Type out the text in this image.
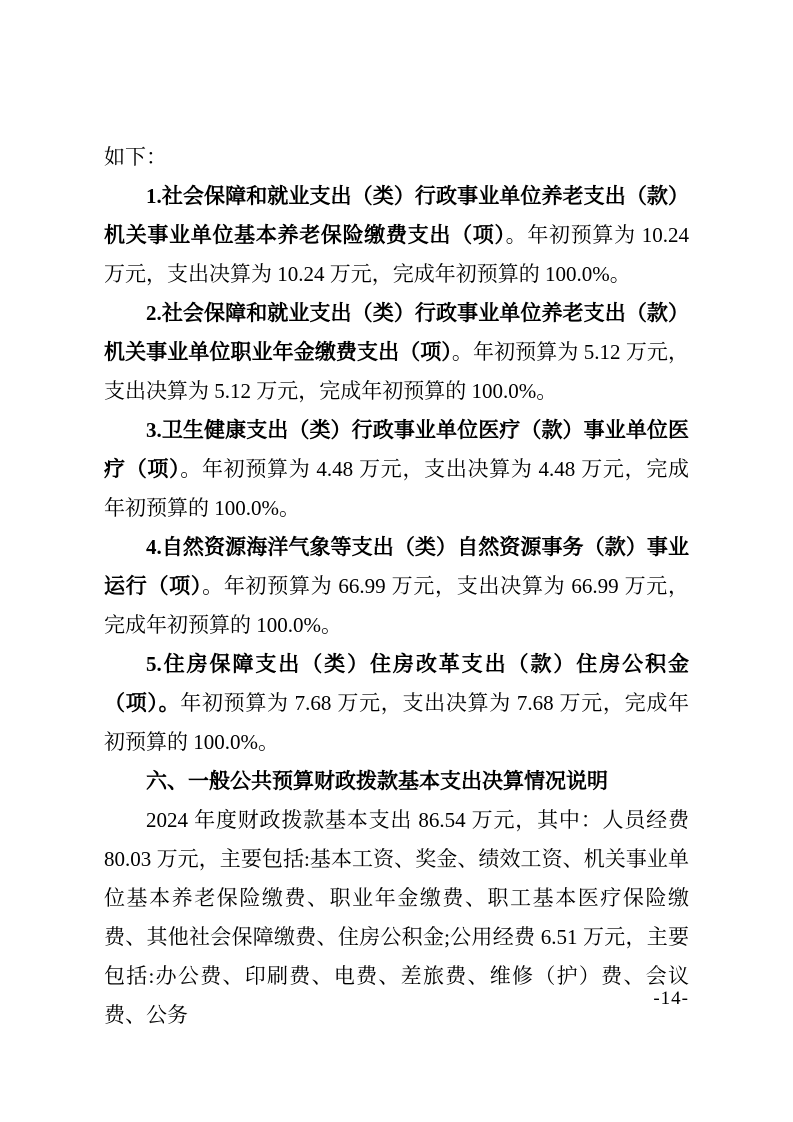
如下：

1.社会保障和就业支出（类）行政事业单位养老支出（款）机关事业单位基本养老保险缴费支出（项）。年初预算为 10.24 万元，支出决算为 10.24 万元，完成年初预算的 100.0%。

2.社会保障和就业支出（类）行政事业单位养老支出（款）机关事业单位职业年金缴费支出（项）。年初预算为 5.12 万元，支出决算为 5.12 万元，完成年初预算的 100.0%。

3.卫生健康支出（类）行政事业单位医疗（款）事业单位医疗（项）。年初预算为 4.48 万元，支出决算为 4.48 万元，完成年初预算的 100.0%。

4.自然资源海洋气象等支出（类）自然资源事务（款）事业运行（项）。年初预算为 66.99 万元，支出决算为 66.99 万元，完成年初预算的 100.0%。

5.住房保障支出（类）住房改革支出（款）住房公积金（项）。年初预算为 7.68 万元，支出决算为 7.68 万元，完成年初预算的 100.0%。

六、一般公共预算财政拨款基本支出决算情况说明

2024 年度财政拨款基本支出 86.54 万元，其中：人员经费 80.03 万元，主要包括:基本工资、奖金、绩效工资、机关事业单位基本养老保险缴费、职业年金缴费、职工基本医疗保险缴费、其他社会保障缴费、住房公积金;公用经费 6.51 万元，主要包括:办公费、印刷费、电费、差旅费、维修（护）费、会议费、公务

-14-
